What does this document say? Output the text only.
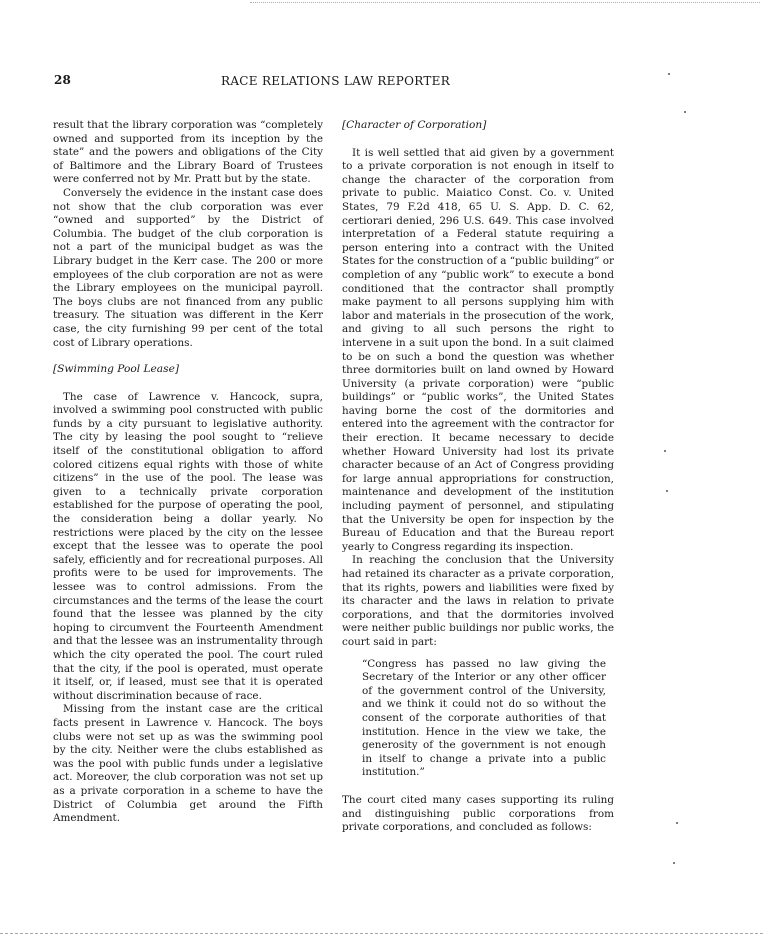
28	RACE RELATIONS LAW REPORTER

result that the library corporation was “completely owned and supported from its inception by the state” and the powers and obligations of the City of Baltimore and the Library Board of Trustees were conferred not by Mr. Pratt but by the state.

Conversely the evidence in the instant case does not show that the club corporation was ever “owned and supported” by the District of Columbia. The budget of the club corporation is not a part of the municipal budget as was the Library budget in the Kerr case. The 200 or more employees of the club corporation are not as were the Library employees on the municipal payroll. The boys clubs are not financed from any public treasury. The situation was different in the Kerr case, the city furnishing 99 per cent of the total cost of Library operations.

[Swimming Pool Lease]

The case of Lawrence v. Hancock, supra, involved a swimming pool constructed with public funds by a city pursuant to legislative authority. The city by leasing the pool sought to “relieve itself of the constitutional obligation to afford colored citizens equal rights with those of white citizens” in the use of the pool. The lease was given to a technically private corporation established for the purpose of operating the pool, the consideration being a dollar yearly. No restrictions were placed by the city on the lessee except that the lessee was to operate the pool safely, efficiently and for recreational purposes. All profits were to be used for improvements. The lessee was to control admissions. From the circumstances and the terms of the lease the court found that the lessee was planned by the city hoping to circumvent the Fourteenth Amendment and that the lessee was an instrumentality through which the city operated the pool. The court ruled that the city, if the pool is operated, must operate it itself, or, if leased, must see that it is operated without discrimination because of race.

Missing from the instant case are the critical facts present in Lawrence v. Hancock. The boys clubs were not set up as was the swimming pool by the city. Neither were the clubs established as was the pool with public funds under a legislative act. Moreover, the club corporation was not set up as a private corporation in a scheme to have the District of Columbia get around the Fifth Amendment.

[Character of Corporation]

It is well settled that aid given by a government to a private corporation is not enough in itself to change the character of the corporation from private to public. Maiatico Const. Co. v. United States, 79 F.2d 418, 65 U. S. App. D. C. 62, certiorari denied, 296 U.S. 649. This case involved interpretation of a Federal statute requiring a person entering into a contract with the United States for the construction of a “public building” or completion of any “public work” to execute a bond conditioned that the contractor shall promptly make payment to all persons supplying him with labor and materials in the prosecution of the work, and giving to all such persons the right to intervene in a suit upon the bond. In a suit claimed to be on such a bond the question was whether three dormitories built on land owned by Howard University (a private corporation) were “public buildings” or “public works”, the United States having borne the cost of the dormitories and entered into the agreement with the contractor for their erection. It became necessary to decide whether Howard University had lost its private character because of an Act of Congress providing for large annual appropriations for construction, maintenance and development of the institution including payment of personnel, and stipulating that the University be open for inspection by the Bureau of Education and that the Bureau report yearly to Congress regarding its inspection.

In reaching the conclusion that the University had retained its character as a private corporation, that its rights, powers and liabilities were fixed by its character and the laws in relation to private corporations, and that the dormitories involved were neither public buildings nor public works, the court said in part:

“Congress has passed no law giving the Secretary of the Interior or any other officer of the government control of the University, and we think it could not do so without the consent of the corporate authorities of that institution. Hence in the view we take, the generosity of the government is not enough in itself to change a private into a public institution.”

The court cited many cases supporting its ruling and distinguishing public corporations from private corporations, and concluded as follows:
